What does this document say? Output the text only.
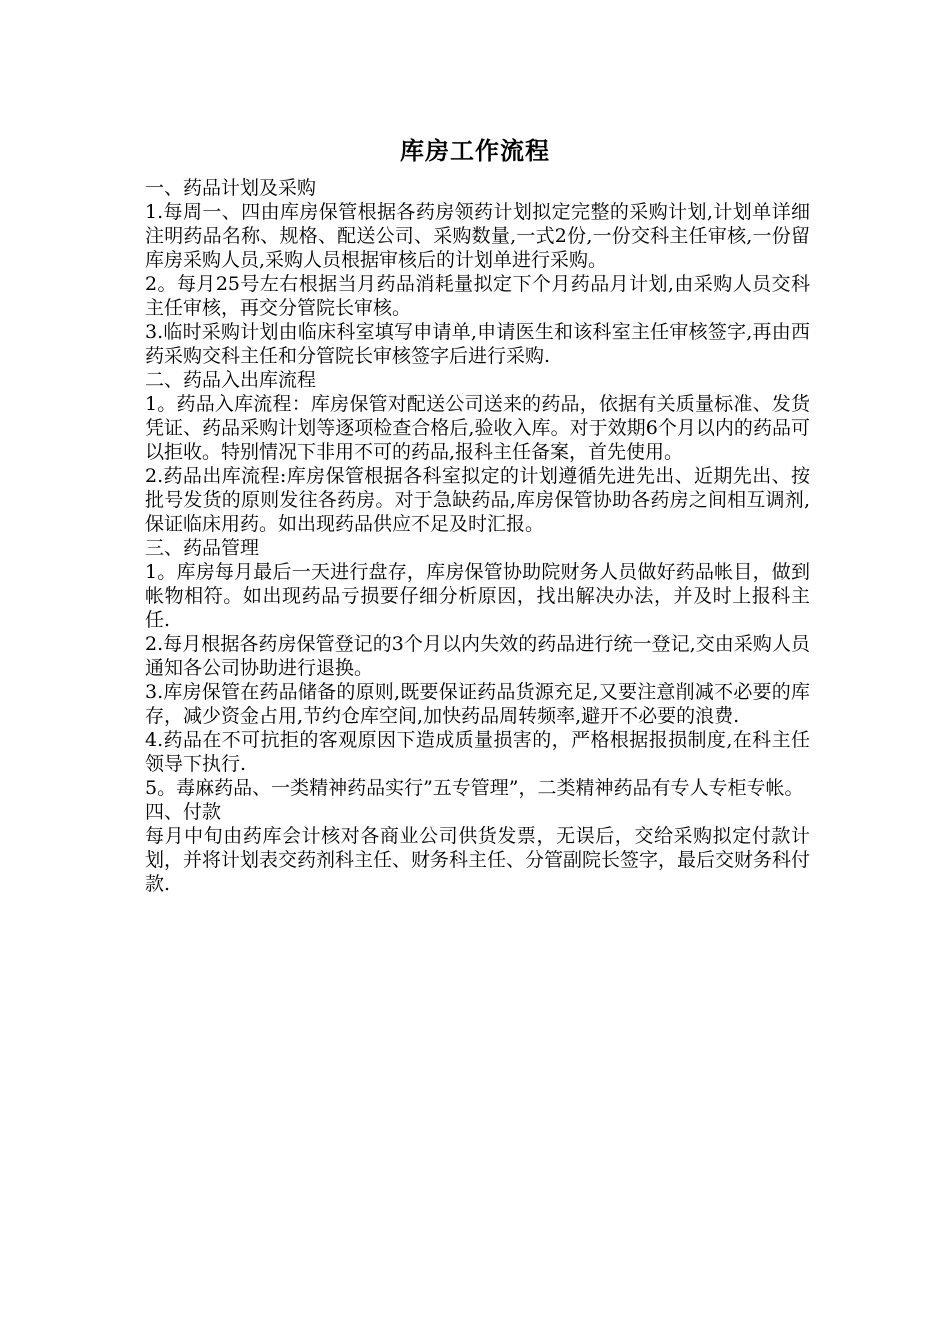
库房工作流程

一、药品计划及采购

1.每周一、四由库房保管根据各药房领药计划拟定完整的采购计划,计划单详细注明药品名称、规格、配送公司、采购数量,一式2份,一份交科主任审核,一份留库房采购人员,采购人员根据审核后的计划单进行采购。

2。每月25号左右根据当月药品消耗量拟定下个月药品月计划,由采购人员交科主任审核，再交分管院长审核。

3.临时采购计划由临床科室填写申请单,申请医生和该科室主任审核签字,再由西药采购交科主任和分管院长审核签字后进行采购.

二、药品入出库流程

1。药品入库流程：库房保管对配送公司送来的药品，依据有关质量标准、发货凭证、药品采购计划等逐项检查合格后,验收入库。对于效期6个月以内的药品可以拒收。特别情况下非用不可的药品,报科主任备案，首先使用。

2.药品出库流程:库房保管根据各科室拟定的计划遵循先进先出、近期先出、按批号发货的原则发往各药房。对于急缺药品,库房保管协助各药房之间相互调剂,保证临床用药。如出现药品供应不足及时汇报。

三、药品管理

1。库房每月最后一天进行盘存，库房保管协助院财务人员做好药品帐目，做到帐物相符。如出现药品亏损要仔细分析原因，找出解决办法，并及时上报科主任.

2.每月根据各药房保管登记的3个月以内失效的药品进行统一登记,交由采购人员通知各公司协助进行退换。

3.库房保管在药品储备的原则,既要保证药品货源充足,又要注意削减不必要的库存，减少资金占用,节约仓库空间,加快药品周转频率,避开不必要的浪费.

4.药品在不可抗拒的客观原因下造成质量损害的，严格根据报损制度,在科主任领导下执行.

5。毒麻药品、一类精神药品实行”五专管理”，二类精神药品有专人专柜专帐。

四、付款

每月中旬由药库会计核对各商业公司供货发票，无误后，交给采购拟定付款计划，并将计划表交药剂科主任、财务科主任、分管副院长签字，最后交财务科付款.
